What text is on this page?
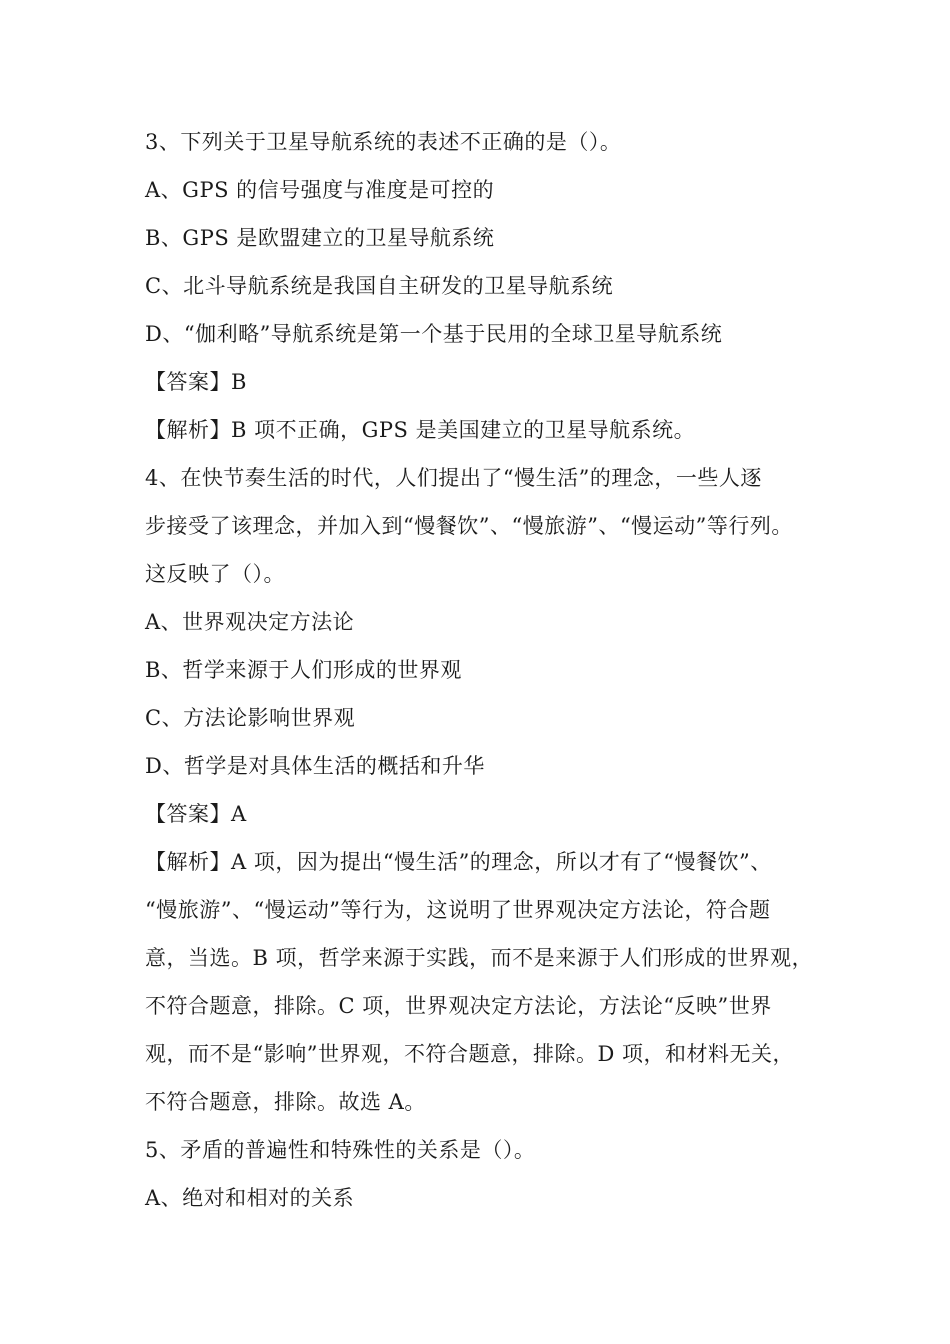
3、下列关于卫星导航系统的表述不正确的是（）。

A、GPS 的信号强度与准度是可控的

B、GPS 是欧盟建立的卫星导航系统

C、北斗导航系统是我国自主研发的卫星导航系统

D、“伽利略”导航系统是第一个基于民用的全球卫星导航系统

【答案】B

【解析】B 项不正确，GPS 是美国建立的卫星导航系统。

4、在快节奏生活的时代，人们提出了“慢生活”的理念，一些人逐

步接受了该理念，并加入到“慢餐饮”、“慢旅游”、“慢运动”等行列。

这反映了（）。

A、世界观决定方法论

B、哲学来源于人们形成的世界观

C、方法论影响世界观

D、哲学是对具体生活的概括和升华

【答案】A

【解析】A 项，因为提出“慢生活”的理念，所以才有了“慢餐饮”、

“慢旅游”、“慢运动”等行为，这说明了世界观决定方法论，符合题

意，当选。B 项，哲学来源于实践，而不是来源于人们形成的世界观，

不符合题意，排除。C 项，世界观决定方法论，方法论“反映”世界

观，而不是“影响”世界观，不符合题意，排除。D 项，和材料无关，

不符合题意，排除。故选 A。

5、矛盾的普遍性和特殊性的关系是（）。

A、绝对和相对的关系
